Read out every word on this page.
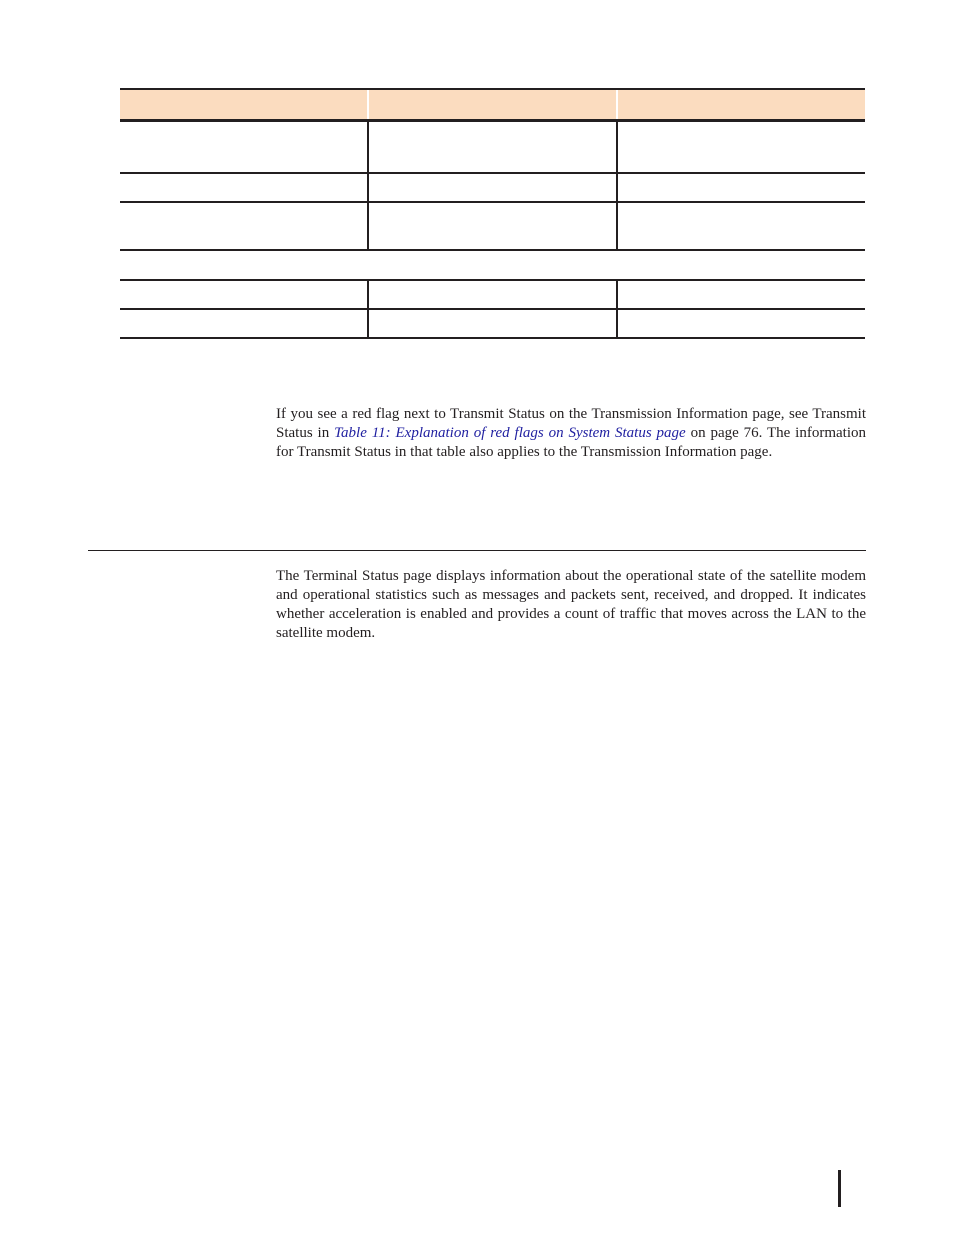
If you see a red flag next to Transmit Status on the Transmission Information page, see Transmit Status in Table 11: Explanation of red flags on System Status page on page 76. The information for Transmit Status in that table also applies to the Transmission Information page.

The Terminal Status page displays information about the operational state of the satellite modem and operational statistics such as messages and packets sent, received, and dropped. It indicates whether acceleration is enabled and provides a count of traffic that moves across the LAN to the satellite modem.
